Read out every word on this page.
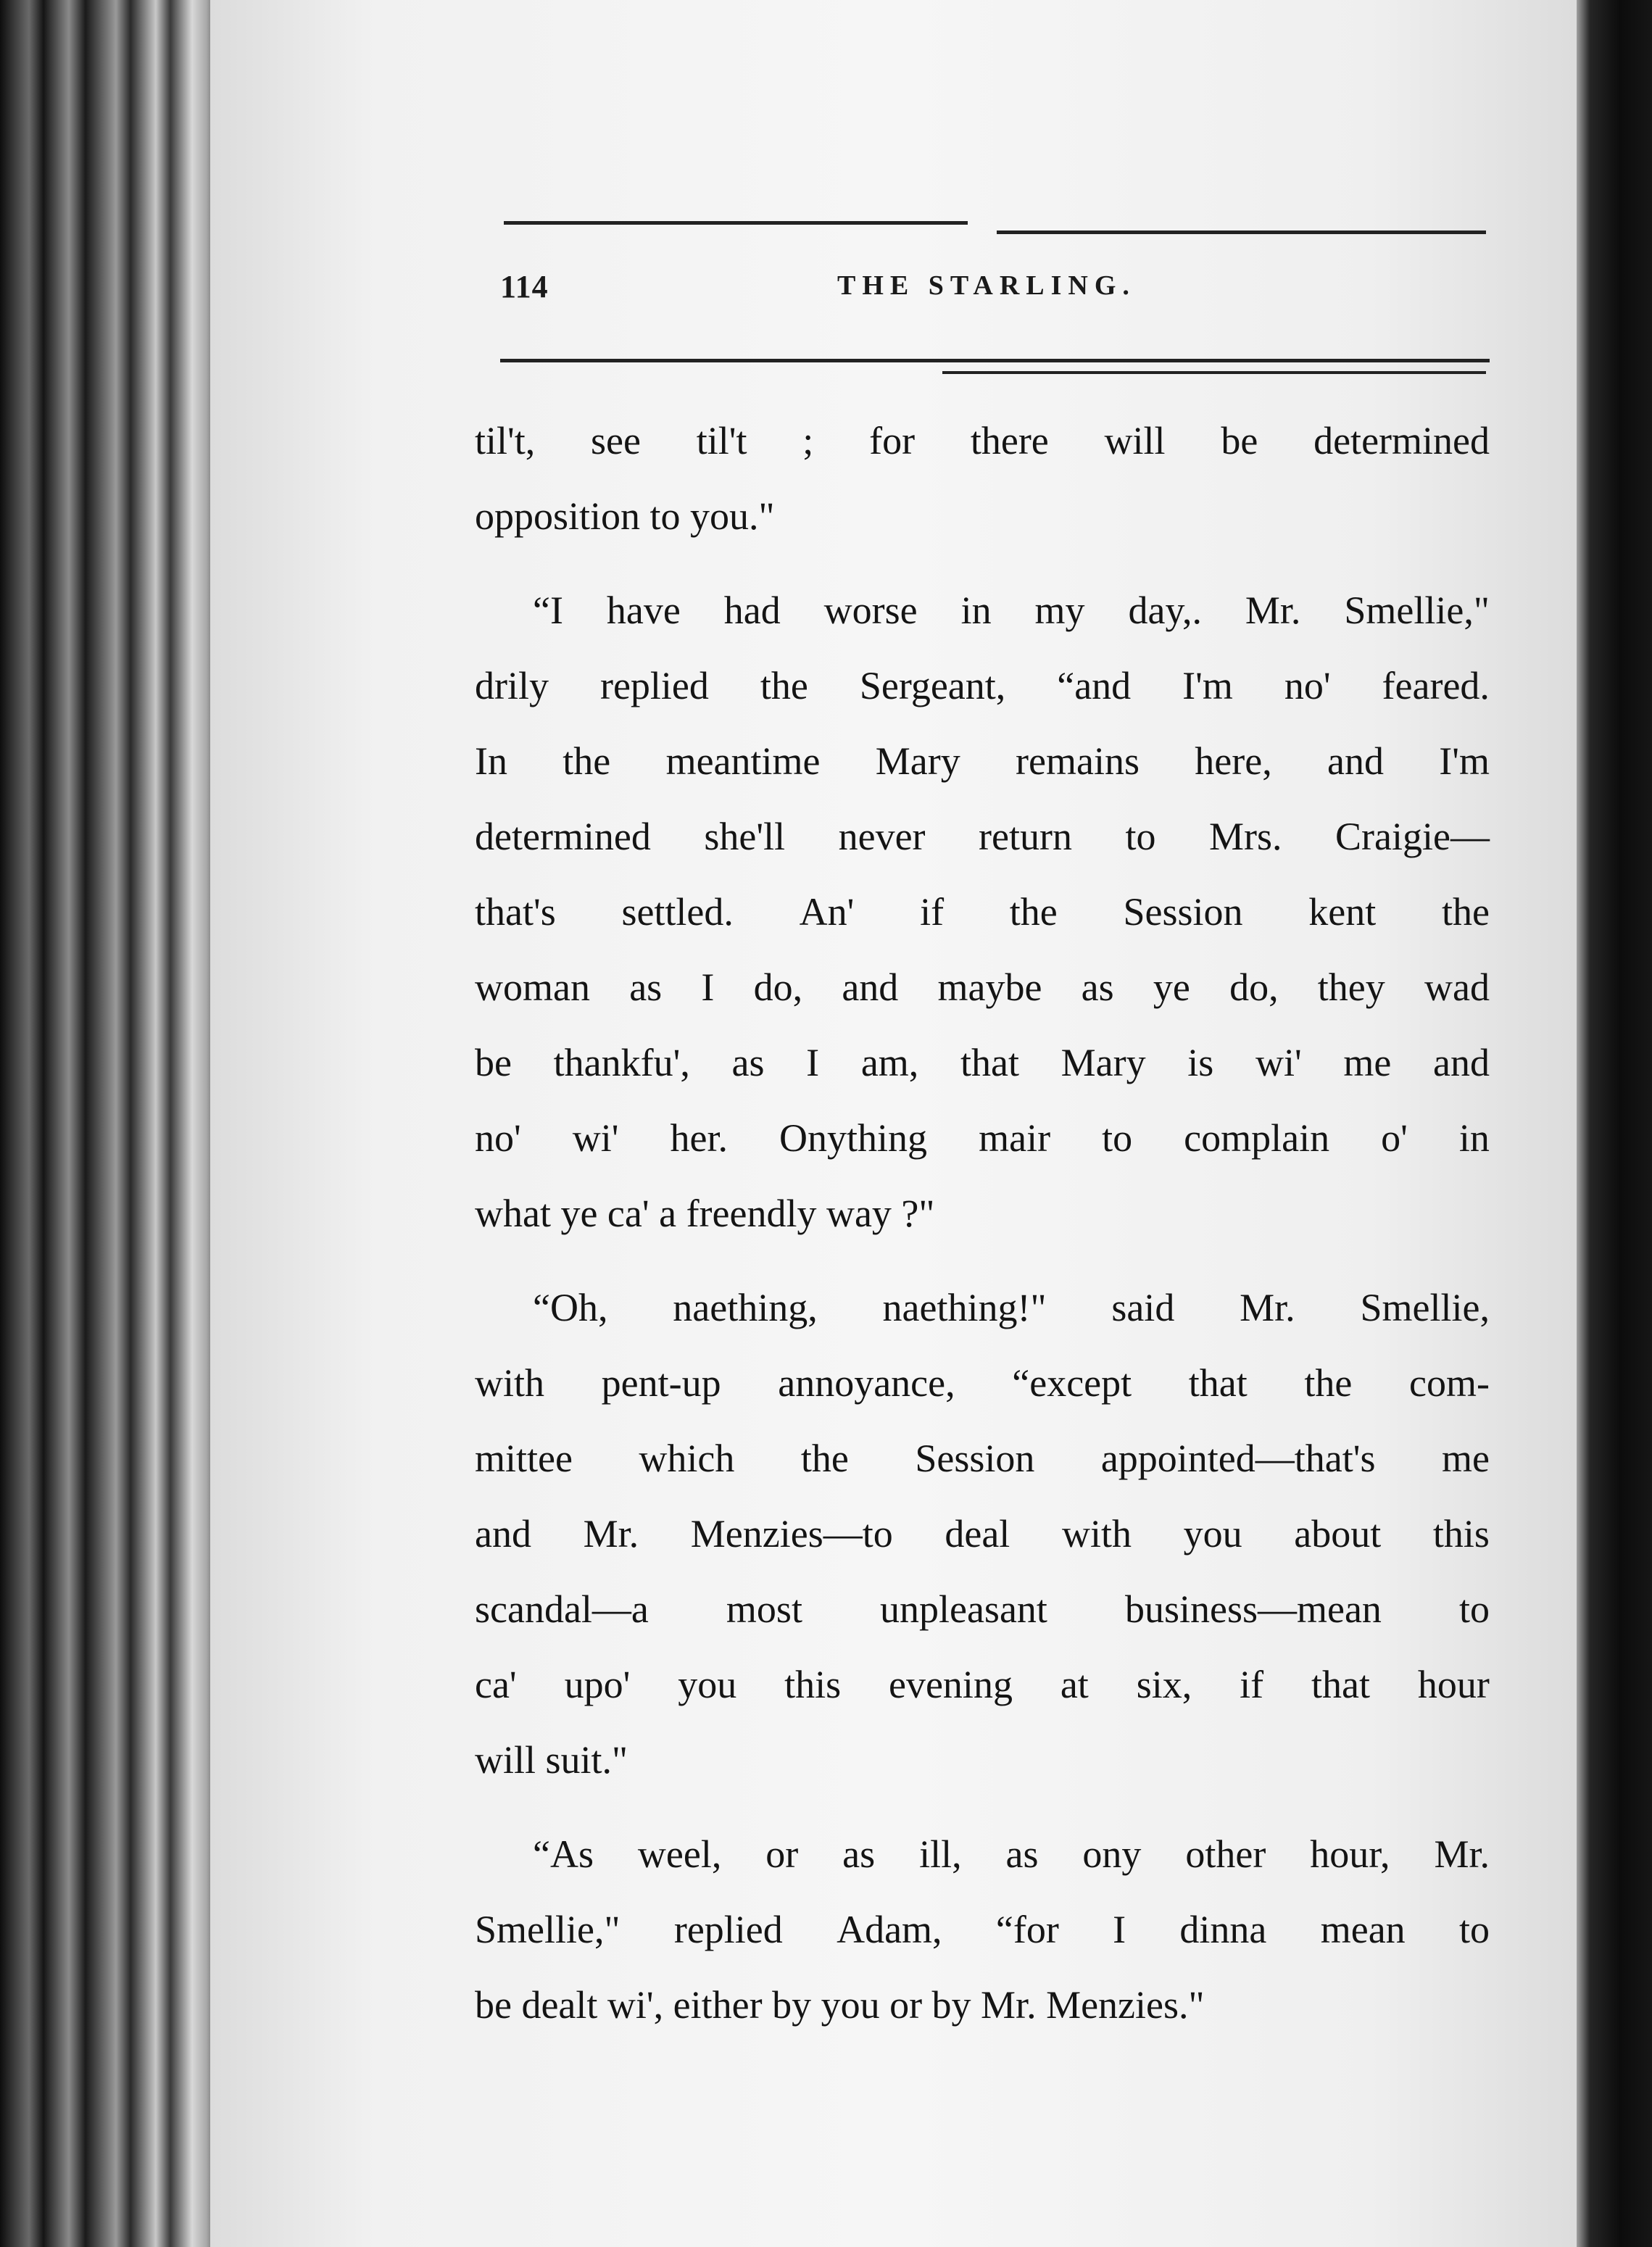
114	THE STARLING.
til't, see til't ; for there will be determined
opposition to you."
“I have had worse in my day,. Mr. Smellie,"
drily replied the Sergeant, “and I'm no' feared.
In the meantime Mary remains here, and I'm
determined she'll never return to Mrs. Craigie—
that's settled. An' if the Session kent the
woman as I do, and maybe as ye do, they wad
be thankfu', as I am, that Mary is wi' me and
no' wi' her. Onything mair to complain o' in
what ye ca' a freendly way ?"
“Oh, naething, naething!" said Mr. Smellie,
with pent-up annoyance, “except that the com-
mittee which the Session appointed—that's me
and Mr. Menzies—to deal with you about this
scandal—a most unpleasant business—mean to
ca' upo' you this evening at six, if that hour
will suit."
“As weel, or as ill, as ony other hour, Mr.
Smellie," replied Adam, “for I dinna mean to
be dealt wi', either by you or by Mr. Menzies."
